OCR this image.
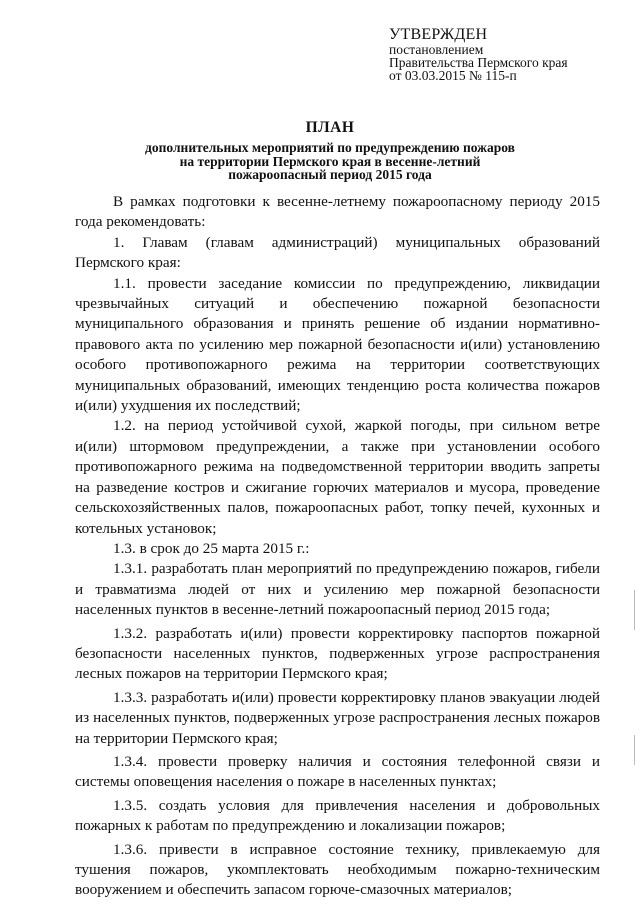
УТВЕРЖДЕН
постановлением
Правительства Пермского края
от 03.03.2015 № 115-п
ПЛАН
дополнительных мероприятий по предупреждению пожаров
на территории Пермского края в весенне-летний
пожароопасный период 2015 года

В рамках подготовки к весенне-летнему пожароопасному периоду 2015 года рекомендовать:

1. Главам (главам администраций) муниципальных образований Пермского края:

1.1. провести заседание комиссии по предупреждению, ликвидации чрезвычайных ситуаций и обеспечению пожарной безопасности муниципального образования и принять решение об издании нормативно-правового акта по усилению мер пожарной безопасности и(или) установлению особого противопожарного режима на территории соответствующих муниципальных образований, имеющих тенденцию роста количества пожаров и(или) ухудшения их последствий;

1.2. на период устойчивой сухой, жаркой погоды, при сильном ветре и(или) штормовом предупреждении, а также при установлении особого противопожарного режима на подведомственной территории вводить запреты на разведение костров и сжигание горючих материалов и мусора, проведение сельскохозяйственных палов, пожароопасных работ, топку печей, кухонных и котельных установок;

1.3. в срок до 25 марта 2015 г.:

1.3.1. разработать план мероприятий по предупреждению пожаров, гибели и травматизма людей от них и усилению мер пожарной безопасности населенных пунктов в весенне-летний пожароопасный период 2015 года;

1.3.2. разработать и(или) провести корректировку паспортов пожарной безопасности населенных пунктов, подверженных угрозе распространения лесных пожаров на территории Пермского края;

1.3.3. разработать и(или) провести корректировку планов эвакуации людей из населенных пунктов, подверженных угрозе распространения лесных пожаров на территории Пермского края;

1.3.4. провести проверку наличия и состояния телефонной связи и системы оповещения населения о пожаре в населенных пунктах;

1.3.5. создать условия для привлечения населения и добровольных пожарных к работам по предупреждению и локализации пожаров;

1.3.6. привести в исправное состояние технику, привлекаемую для тушения пожаров, укомплектовать необходимым пожарно-техническим вооружением и обеспечить запасом горюче-смазочных материалов;
